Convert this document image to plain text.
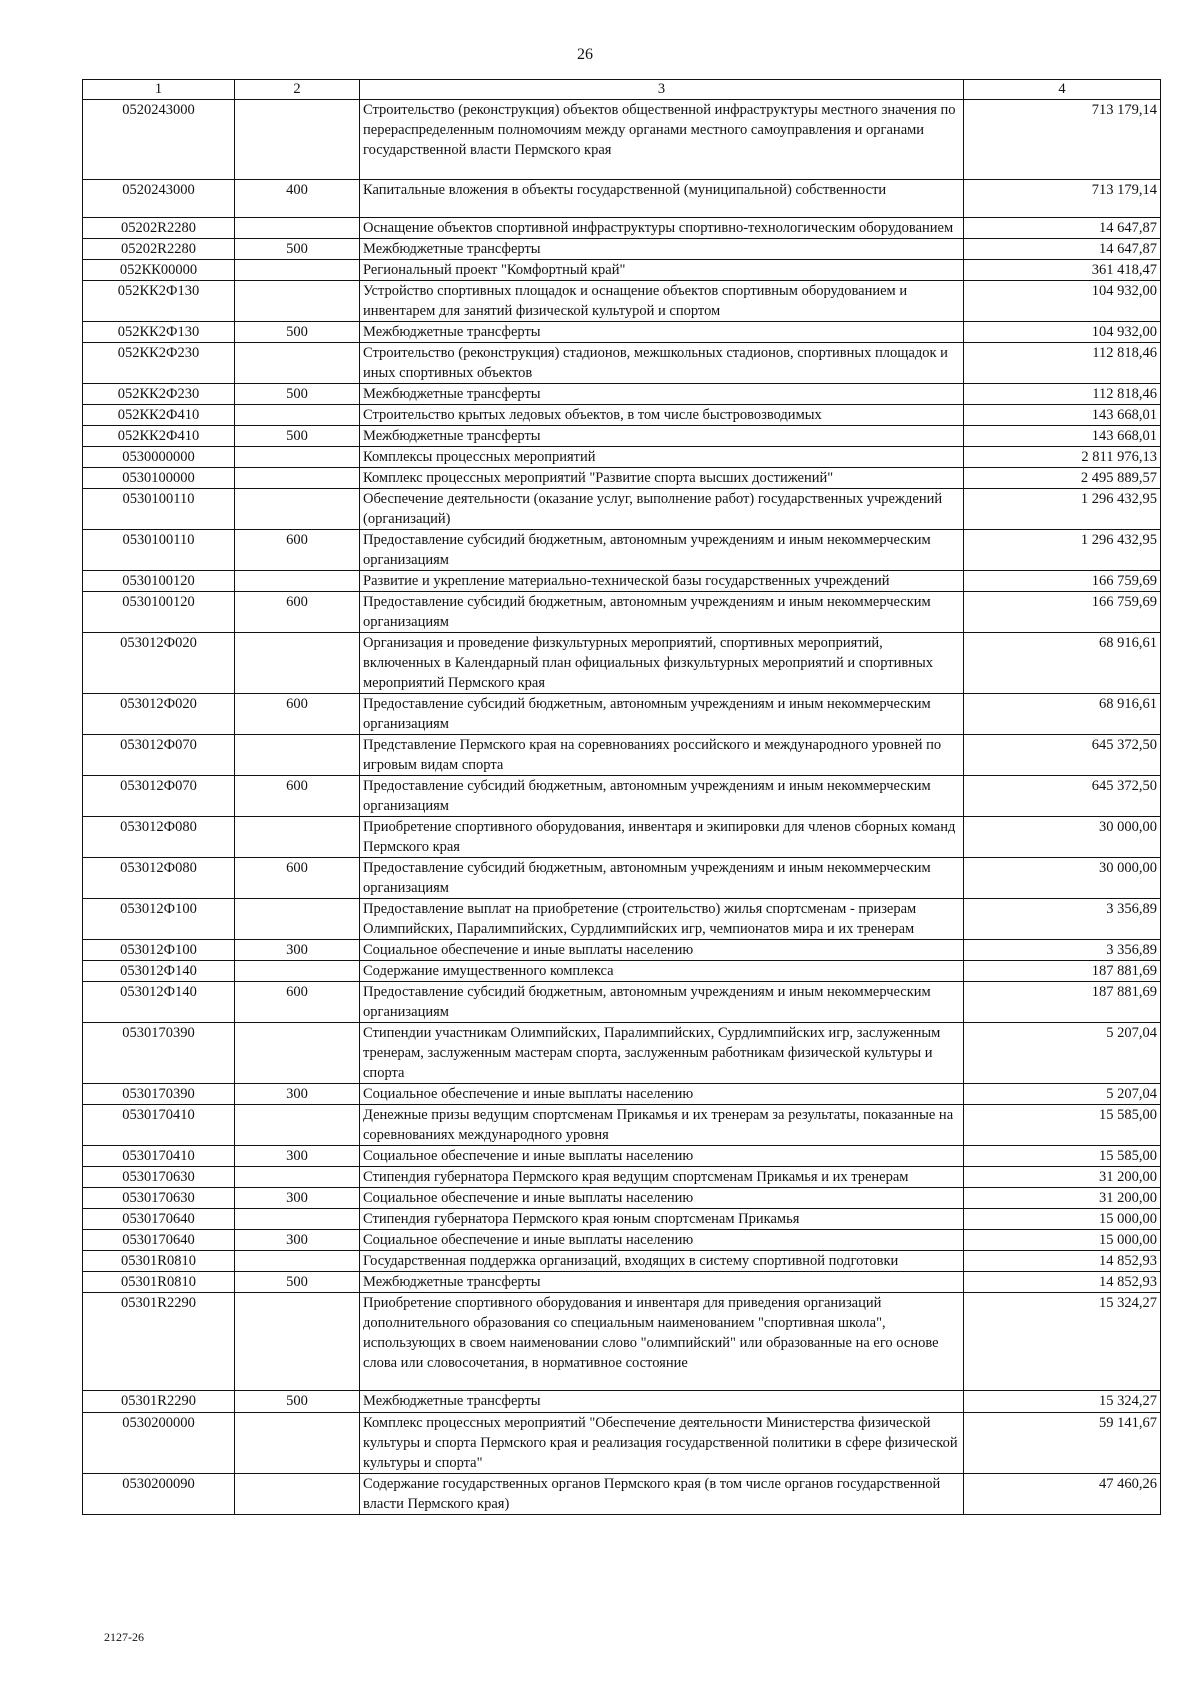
26
1	2	3	4
0520243000		Строительство (реконструкция) объектов общественной инфраструктуры местного значения по перераспределенным полномочиям между органами местного самоуправления и органами государственной власти Пермского края	713 179,14
0520243000	400	Капитальные вложения в объекты государственной (муниципальной) собственности	713 179,14
05202R2280		Оснащение объектов спортивной инфраструктуры спортивно-технологическим оборудованием	14 647,87
05202R2280	500	Межбюджетные трансферты	14 647,87
052КК00000		Региональный проект "Комфортный край"	361 418,47
052КК2Ф130		Устройство спортивных площадок и оснащение объектов спортивным оборудованием и инвентарем для занятий физической культурой и спортом	104 932,00
052КК2Ф130	500	Межбюджетные трансферты	104 932,00
052КК2Ф230		Строительство (реконструкция) стадионов, межшкольных стадионов, спортивных площадок и иных спортивных объектов	112 818,46
052КК2Ф230	500	Межбюджетные трансферты	112 818,46
052КК2Ф410		Строительство крытых ледовых объектов, в том числе быстровозводимых	143 668,01
052КК2Ф410	500	Межбюджетные трансферты	143 668,01
0530000000		Комплексы процессных мероприятий	2 811 976,13
0530100000		Комплекс процессных мероприятий "Развитие спорта высших достижений"	2 495 889,57
0530100110		Обеспечение деятельности (оказание услуг, выполнение работ) государственных учреждений (организаций)	1 296 432,95
0530100110	600	Предоставление субсидий бюджетным, автономным учреждениям и иным некоммерческим организациям	1 296 432,95
0530100120		Развитие и укрепление материально-технической базы государственных учреждений	166 759,69
0530100120	600	Предоставление субсидий бюджетным, автономным учреждениям и иным некоммерческим организациям	166 759,69
053012Ф020		Организация и проведение физкультурных мероприятий, спортивных мероприятий, включенных в Календарный план официальных физкультурных мероприятий и спортивных мероприятий Пермского края	68 916,61
053012Ф020	600	Предоставление субсидий бюджетным, автономным учреждениям и иным некоммерческим организациям	68 916,61
053012Ф070		Представление Пермского края на соревнованиях российского и международного уровней по игровым видам спорта	645 372,50
053012Ф070	600	Предоставление субсидий бюджетным, автономным учреждениям и иным некоммерческим организациям	645 372,50
053012Ф080		Приобретение спортивного оборудования, инвентаря и экипировки для членов сборных команд Пермского края	30 000,00
053012Ф080	600	Предоставление субсидий бюджетным, автономным учреждениям и иным некоммерческим организациям	30 000,00
053012Ф100		Предоставление выплат на приобретение (строительство) жилья спортсменам - призерам Олимпийских, Паралимпийских, Сурдлимпийских игр, чемпионатов мира и их тренерам	3 356,89
053012Ф100	300	Социальное обеспечение и иные выплаты населению	3 356,89
053012Ф140		Содержание имущественного комплекса	187 881,69
053012Ф140	600	Предоставление субсидий бюджетным, автономным учреждениям и иным некоммерческим организациям	187 881,69
0530170390		Стипендии участникам Олимпийских, Паралимпийских, Сурдлимпийских игр, заслуженным тренерам, заслуженным мастерам спорта, заслуженным работникам физической культуры и спорта	5 207,04
0530170390	300	Социальное обеспечение и иные выплаты населению	5 207,04
0530170410		Денежные призы ведущим спортсменам Прикамья и их тренерам за результаты, показанные на соревнованиях международного уровня	15 585,00
0530170410	300	Социальное обеспечение и иные выплаты населению	15 585,00
0530170630		Стипендия губернатора Пермского края ведущим спортсменам Прикамья и их тренерам	31 200,00
0530170630	300	Социальное обеспечение и иные выплаты населению	31 200,00
0530170640		Стипендия губернатора Пермского края юным спортсменам Прикамья	15 000,00
0530170640	300	Социальное обеспечение и иные выплаты населению	15 000,00
05301R0810		Государственная поддержка организаций, входящих в систему спортивной подготовки	14 852,93
05301R0810	500	Межбюджетные трансферты	14 852,93
05301R2290		Приобретение спортивного оборудования и инвентаря для приведения организаций дополнительного образования со специальным наименованием "спортивная школа", использующих в своем наименовании слово "олимпийский" или образованные на его основе слова или словосочетания, в нормативное состояние	15 324,27
05301R2290	500	Межбюджетные трансферты	15 324,27
0530200000		Комплекс процессных мероприятий "Обеспечение деятельности Министерства физической культуры и спорта Пермского края и реализация государственной политики в сфере физической культуры и спорта"	59 141,67
0530200090		Содержание государственных органов Пермского края (в том числе органов государственной власти Пермского края)	47 460,26
2127-26
